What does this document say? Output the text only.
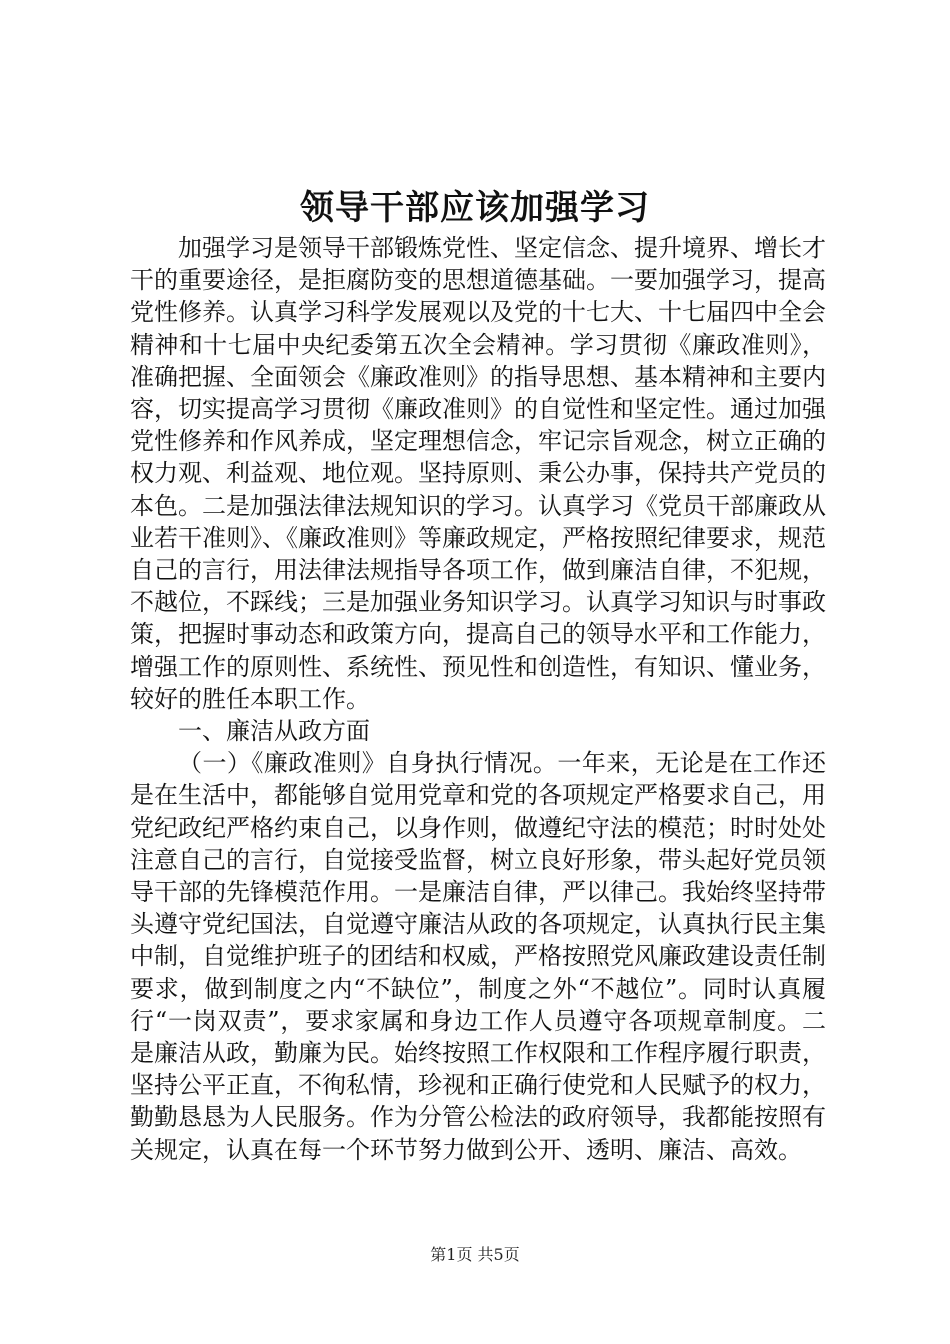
领导干部应该加强学习

加强学习是领导干部锻炼党性、坚定信念、提升境界、增长才干的重要途径，是拒腐防变的思想道德基础。一要加强学习，提高党性修养。认真学习科学发展观以及党的十七大、十七届四中全会精神和十七届中央纪委第五次全会精神。学习贯彻《廉政准则》，准确把握、全面领会《廉政准则》的指导思想、基本精神和主要内容，切实提高学习贯彻《廉政准则》的自觉性和坚定性。通过加强党性修养和作风养成，坚定理想信念，牢记宗旨观念，树立正确的权力观、利益观、地位观。坚持原则、秉公办事，保持共产党员的本色。二是加强法律法规知识的学习。认真学习《党员干部廉政从业若干准则》、《廉政准则》等廉政规定，严格按照纪律要求，规范自己的言行，用法律法规指导各项工作，做到廉洁自律，不犯规，不越位，不踩线；三是加强业务知识学习。认真学习知识与时事政策，把握时事动态和政策方向，提高自己的领导水平和工作能力，增强工作的原则性、系统性、预见性和创造性，有知识、懂业务，较好的胜任本职工作。

一、廉洁从政方面

（一）《廉政准则》自身执行情况。一年来，无论是在工作还是在生活中，都能够自觉用党章和党的各项规定严格要求自己，用党纪政纪严格约束自己，以身作则，做遵纪守法的模范；时时处处注意自己的言行，自觉接受监督，树立良好形象，带头起好党员领导干部的先锋模范作用。一是廉洁自律，严以律己。我始终坚持带头遵守党纪国法，自觉遵守廉洁从政的各项规定，认真执行民主集中制，自觉维护班子的团结和权威，严格按照党风廉政建设责任制要求，做到制度之内“不缺位”，制度之外“不越位”。同时认真履行“一岗双责”，要求家属和身边工作人员遵守各项规章制度。二是廉洁从政，勤廉为民。始终按照工作权限和工作程序履行职责，坚持公平正直，不徇私情，珍视和正确行使党和人民赋予的权力，勤勤恳恳为人民服务。作为分管公检法的政府领导，我都能按照有关规定，认真在每一个环节努力做到公开、透明、廉洁、高效。

第1页 共5页
